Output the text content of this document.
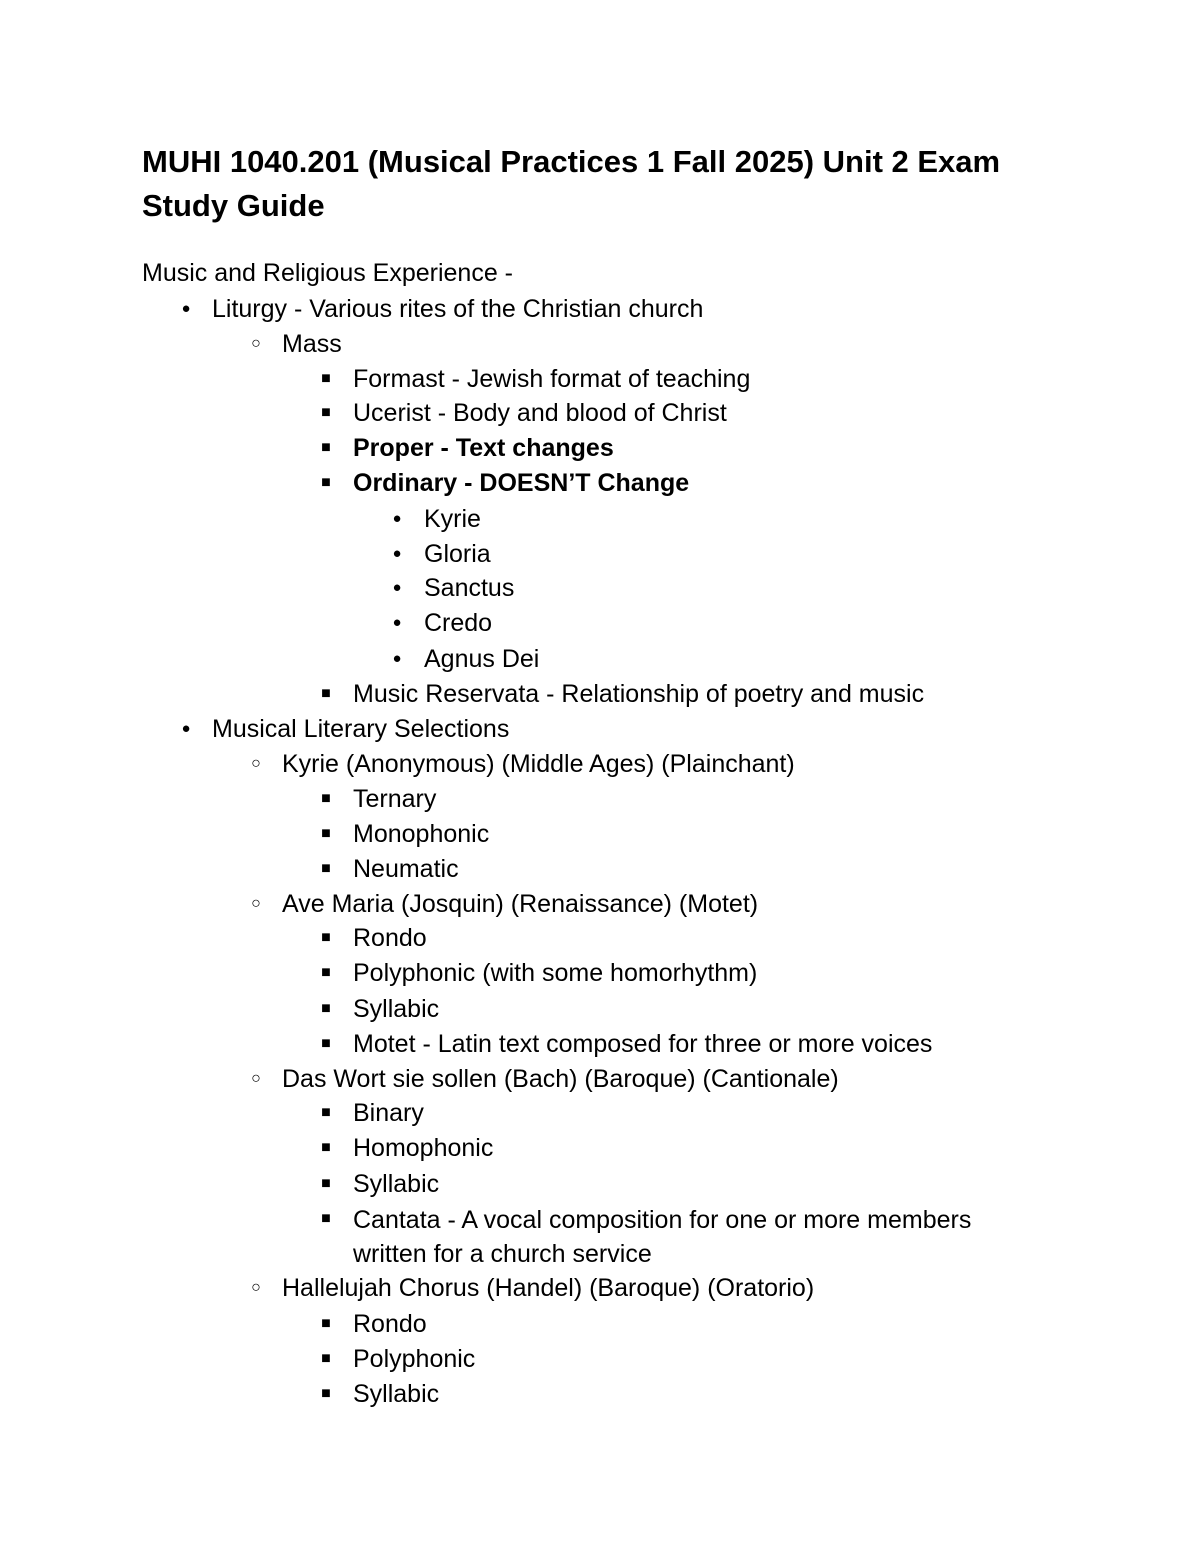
MUHI 1040.201 (Musical Practices 1 Fall 2025) Unit 2 Exam Study Guide
Music and Religious Experience -
● Liturgy - Various rites of the Christian church
○ Mass
■ Formast - Jewish format of teaching
■ Ucerist - Body and blood of Christ
■ Proper - Text changes
■ Ordinary - DOESN’T Change
● Kyrie
● Gloria
● Sanctus
● Credo
● Agnus Dei
■ Music Reservata - Relationship of poetry and music
● Musical Literary Selections
○ Kyrie (Anonymous) (Middle Ages) (Plainchant)
■ Ternary
■ Monophonic
■ Neumatic
○ Ave Maria (Josquin) (Renaissance) (Motet)
■ Rondo
■ Polyphonic (with some homorhythm)
■ Syllabic
■ Motet - Latin text composed for three or more voices
○ Das Wort sie sollen (Bach) (Baroque) (Cantionale)
■ Binary
■ Homophonic
■ Syllabic
■ Cantata - A vocal composition for one or more members written for a church service
○ Hallelujah Chorus (Handel) (Baroque) (Oratorio)
■ Rondo
■ Polyphonic
■ Syllabic
